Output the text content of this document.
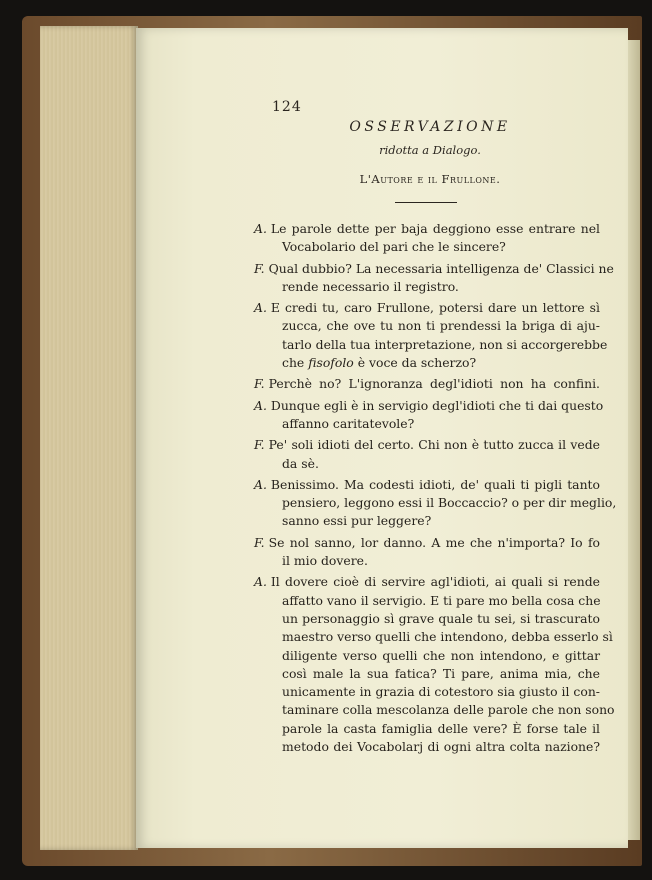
124
OSSERVAZIONE
ridotta a Dialogo.
L'Autore e il Frullone.
A. Le parole dette per baja deggiono esse entrare nel
Vocabolario del pari che le sincere?
F. Qual dubbio? La necessaria intelligenza de' Classici ne
rende necessario il registro.
A. E credi tu, caro Frullone, potersi dare un lettore sì
zucca, che ove tu non ti prendessi la briga di aju-
tarlo della tua interpretazione, non si accorgerebbe
che fisofolo è voce da scherzo?
F. Perchè no? L'ignoranza degl'idioti non ha confini.
A. Dunque egli è in servigio degl'idioti che ti dai questo
affanno caritatevole?
F. Pe' soli idioti del certo. Chi non è tutto zucca il vede
da sè.
A. Benissimo. Ma codesti idioti, de' quali ti pigli tanto
pensiero, leggono essi il Boccaccio? o per dir meglio,
sanno essi pur leggere?
F. Se nol sanno, lor danno. A me che n'importa? Io fo
il mio dovere.
A. Il dovere cioè di servire agl'idioti, ai quali si rende
affatto vano il servigio. E ti pare mo bella cosa che
un personaggio sì grave quale tu sei, si trascurato
maestro verso quelli che intendono, debba esserlo sì
diligente verso quelli che non intendono, e gittar
così male la sua fatica? Ti pare, anima mia, che
unicamente in grazia di cotestoro sia giusto il con-
taminare colla mescolanza delle parole che non sono
parole la casta famiglia delle vere? È forse tale il
metodo dei Vocabolarj di ogni altra colta nazione?
